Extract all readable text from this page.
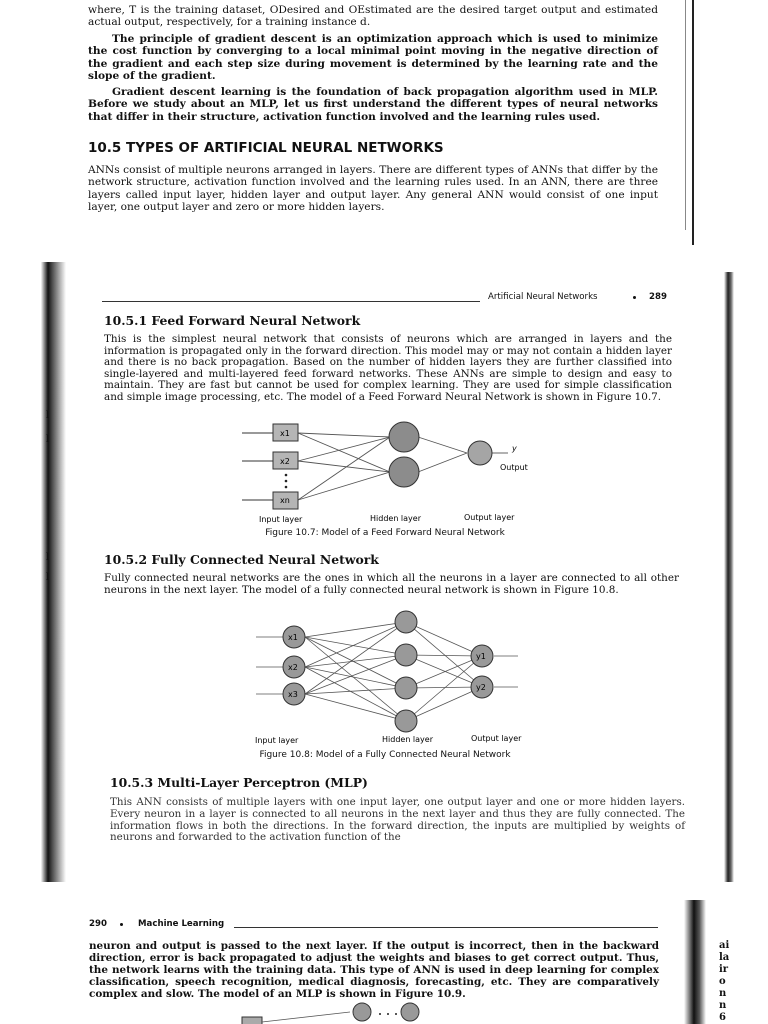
where, T is the training dataset, ODesired and OEstimated are the desired target output and estimated actual output, respectively, for a training instance d.

The principle of gradient descent is an optimization approach which is used to minimize the cost function by converging to a local minimal point moving in the negative direction of the gradient and each step size during movement is determined by the learning rate and the slope of the gradient.

Gradient descent learning is the foundation of back propagation algorithm used in MLP. Before we study about an MLP, let us first understand the different types of neural networks that differ in their structure, activation function involved and the learning rules used.

10.5 TYPES OF ARTIFICIAL NEURAL NETWORKS

ANNs consist of multiple neurons arranged in layers. There are different types of ANNs that differ by the network structure, activation function involved and the learning rules used. In an ANN, there are three layers called input layer, hidden layer and output layer. Any general ANN would consist of one input layer, one output layer and zero or more hidden layers.

Artificial Neural Networks	289
10.5.1 Feed Forward Neural Network

This is the simplest neural network that consists of neurons which are arranged in layers and the information is propagated only in the forward direction. This model may or may not contain a hidden layer and there is no back propagation. Based on the number of hidden layers they are further classified into single-layered and multi-layered feed forward networks. These ANNs are simple to design and easy to maintain. They are fast but cannot be used for complex learning. They are used for simple classification and simple image processing, etc. The model of a Feed Forward Neural Network is shown in Figure 10.7.

x1
x2
xn
y
Output
Input layer	Hidden layer	Output layer
Figure 10.7: Model of a Feed Forward Neural Network
10.5.2 Fully Connected Neural Network

Fully connected neural networks are the ones in which all the neurons in a layer are connected to all other neurons in the next layer. The model of a fully connected neural network is shown in Figure 10.8.

x1
x2
x3
y1
y2
Input layer	Hidden layer	Output layer
Figure 10.8: Model of a Fully Connected Neural Network
10.5.3 Multi-Layer Perceptron (MLP)

This ANN consists of multiple layers with one input layer, one output layer and one or more hidden layers. Every neuron in a layer is connected to all neurons in the next layer and thus they are fully connected. The information flows in both the directions. In the forward direction, the inputs are multiplied by weights of neurons and forwarded to the activation function of the

l
l
l
l
290	Machine Learning

neuron and output is passed to the next layer. If the output is incorrect, then in the backward direction, error is back propagated to adjust the weights and biases to get correct output. Thus, the network learns with the training data. This type of ANN is used in deep learning for complex classification, speech recognition, medical diagnosis, forecasting, etc. They are comparatively complex and slow. The model of an MLP is shown in Figure 10.9.

ai
la
ir
o
n
n
6
